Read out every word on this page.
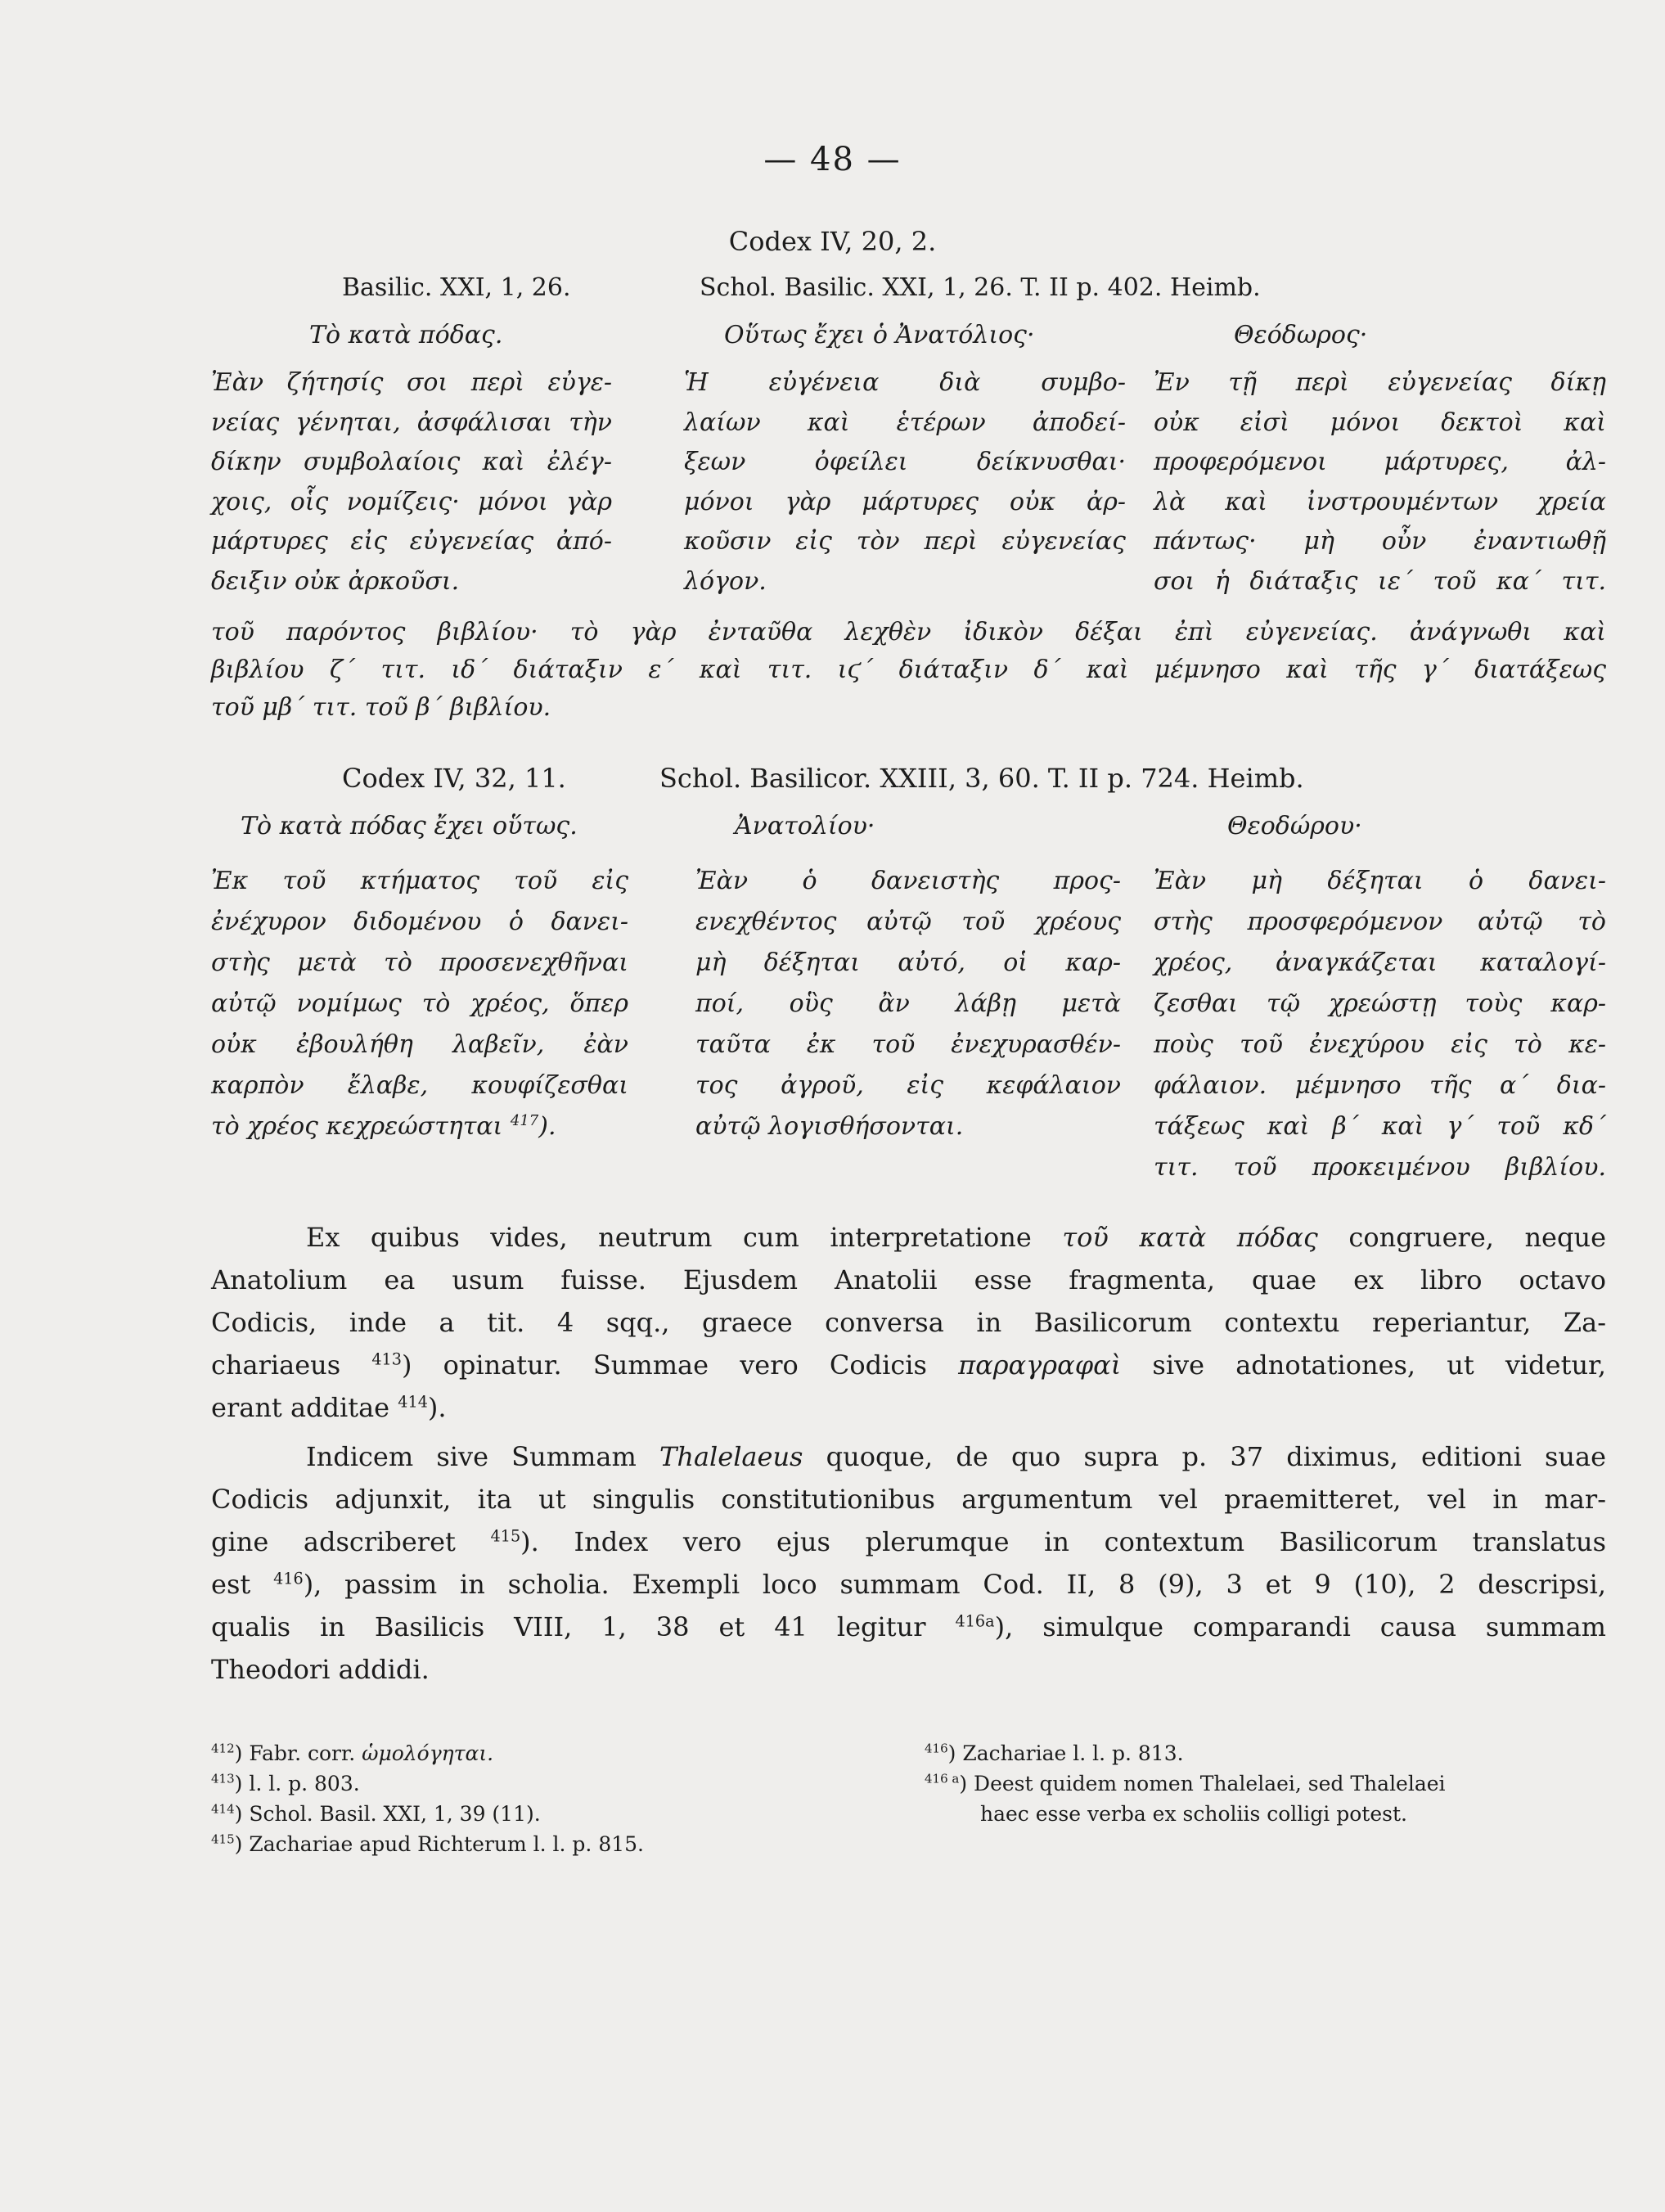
— 48 —
Codex IV, 20, 2.
Basilic. XXI, 1, 26.	Schol. Basilic. XXI, 1, 26. T. II p. 402. Heimb.
Τὸ κατὰ πόδας.	Οὕτως ἔχει ὁ Ἀνατόλιος·	Θεόδωρος·
Ἐὰν ζήτησίς σοι περὶ εὐγε-
νείας γένηται, ἀσφάλισαι τὴν
δίκην συμβολαίοις καὶ ἐλέγ-
χοις, οἷς νομίζεις· μόνοι γὰρ
μάρτυρες εἰς εὐγενείας ἀπό-
δειξιν οὐκ ἀρκοῦσι.
Ἡ εὐγένεια διὰ συμβο-
λαίων καὶ ἑτέρων ἀποδεί-
ξεων ὀφείλει δείκνυσθαι·
μόνοι γὰρ μάρτυρες οὐκ ἀρ-
κοῦσιν εἰς τὸν περὶ εὐγενείας
λόγον.
Ἐν τῇ περὶ εὐγενείας δίκῃ
οὐκ εἰσὶ μόνοι δεκτοὶ καὶ
προφερόμενοι μάρτυρες, ἀλ-
λὰ καὶ ἰνστρουμέντων χρεία
πάντως· μὴ οὖν ἐναντιωθῇ
σοι ἡ διάταξις ιε΄ τοῦ κα΄ τιτ.
τοῦ παρόντος βιβλίου· τὸ γὰρ ἐνταῦθα λεχθὲν ἰδικὸν δέξαι ἐπὶ εὐγενείας. ἀνάγνωθι καὶ
βιβλίου ζ΄ τιτ. ιδ΄ διάταξιν ε΄ καὶ τιτ. ιϛ΄ διάταξιν δ΄ καὶ μέμνησο καὶ τῆς γ΄ διατάξεως
τοῦ μβ΄ τιτ. τοῦ β΄ βιβλίου.
Codex IV, 32, 11.	Schol. Basilicor. XXIII, 3, 60. T. II p. 724. Heimb.
Τὸ κατὰ πόδας ἔχει οὕτως.	Ἀνατολίου·	Θεοδώρου·
Ἐκ τοῦ κτήματος τοῦ εἰς
ἐνέχυρον διδομένου ὁ δανει-
στὴς μετὰ τὸ προσενεχθῆναι
αὐτῷ νομίμως τὸ χρέος, ὅπερ
οὐκ ἐβουλήθη λαβεῖν, ἐὰν
καρπὸν ἔλαβε, κουφίζεσθαι
τὸ χρέος κεχρεώστηται $^{417}$).
Ἐὰν ὁ δανειστὴς προς-
ενεχθέντος αὐτῷ τοῦ χρέους
μὴ δέξηται αὐτό, οἱ καρ-
ποί, οὓς ἂν λάβῃ μετὰ
ταῦτα ἐκ τοῦ ἐνεχυρασθέν-
τος ἀγροῦ, εἰς κεφάλαιον
αὐτῷ λογισθήσονται.
Ἐὰν μὴ δέξηται ὁ δανει-
στὴς προσφερόμενον αὐτῷ τὸ
χρέος, ἀναγκάζεται καταλογί-
ζεσθαι τῷ χρεώστῃ τοὺς καρ-
ποὺς τοῦ ἐνεχύρου εἰς τὸ κε-
φάλαιον. μέμνησο τῆς α΄ δια-
τάξεως καὶ β΄ καὶ γ΄ τοῦ κδ΄
τιτ. τοῦ προκειμένου βιβλίου.
Ex quibus vides, neutrum cum interpretatione τοῦ κατὰ πόδας congruere, neque
Anatolium ea usum fuisse. Ejusdem Anatolii esse fragmenta, quae ex libro octavo
Codicis, inde a tit. 4 sqq., graece conversa in Basilicorum contextu reperiantur, Za-
chariaeus $^{413}$) opinatur. Summae vero Codicis παραγραφαὶ sive adnotationes, ut videtur,
erant additae $^{414}$).
Indicem sive Summam Thalelaeus quoque, de quo supra p. 37 diximus, editioni suae
Codicis adjunxit, ita ut singulis constitutionibus argumentum vel praemitteret, vel in mar-
gine adscriberet $^{415}$). Index vero ejus plerumque in contextum Basilicorum translatus
est $^{416}$), passim in scholia. Exempli loco summam Cod. II, 8 (9), 3 et 9 (10), 2 descripsi,
qualis in Basilicis VIII, 1, 38 et 41 legitur $^{416a}$), simulque comparandi causa summam
Theodori addidi.
$^{412}$) Fabr. corr. ὡμολόγηται.
$^{413}$) l. l. p. 803.
$^{414}$) Schol. Basil. XXI, 1, 39 (11).
$^{415}$) Zachariae apud Richterum l. l. p. 815.
$^{416}$) Zachariae l. l. p. 813.
$^{416 a}$) Deest quidem nomen Thalelaei, sed Thalelaei
haec esse verba ex scholiis colligi potest.
